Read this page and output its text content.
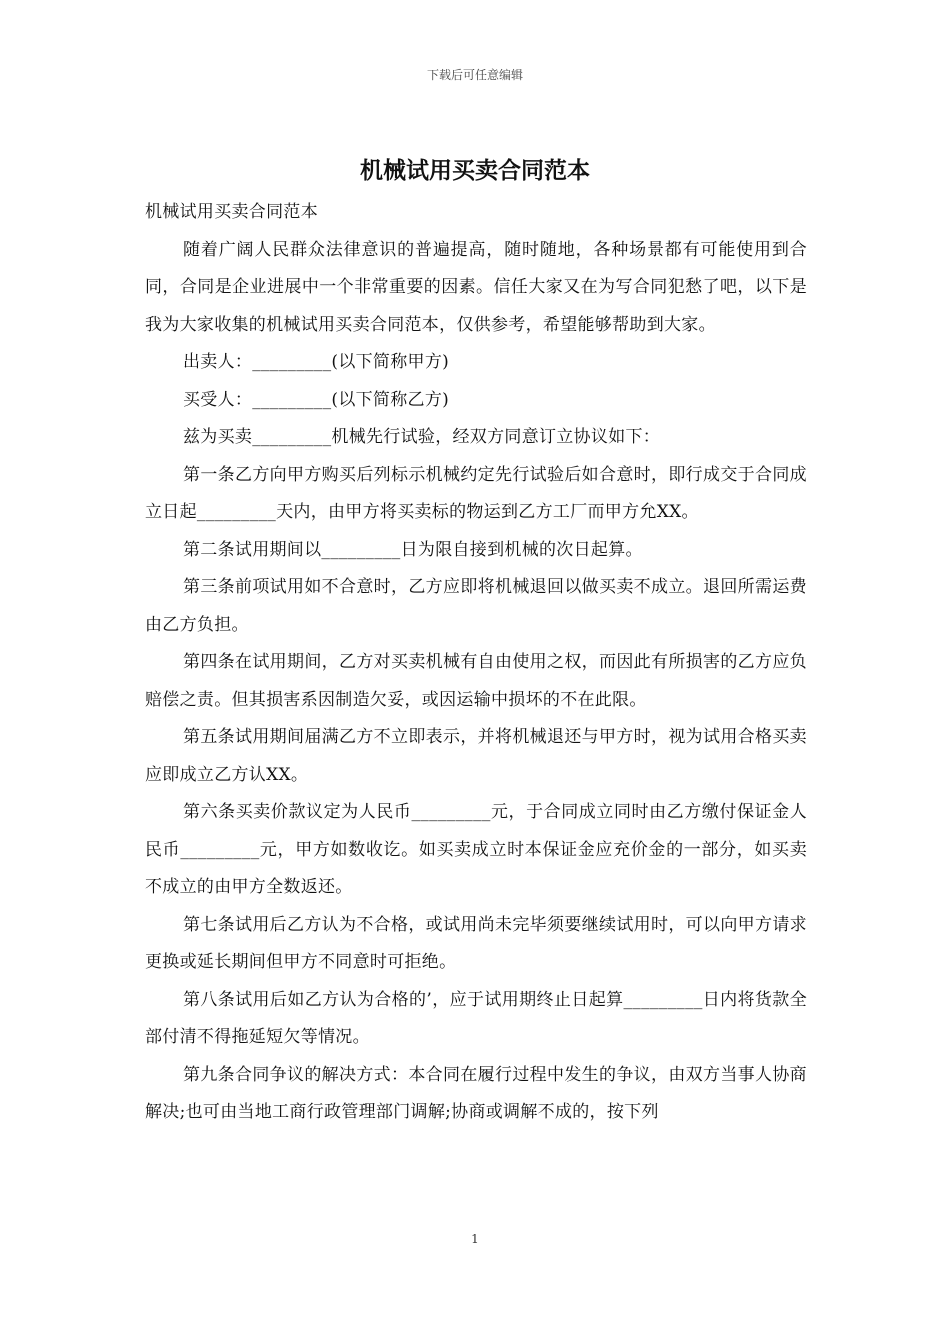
下载后可任意编辑
机械试用买卖合同范本

机械试用买卖合同范本

随着广阔人民群众法律意识的普遍提高，随时随地，各种场景都有可能使用到合同，合同是企业进展中一个非常重要的因素。信任大家又在为写合同犯愁了吧，以下是我为大家收集的机械试用买卖合同范本，仅供参考，希望能够帮助到大家。

出卖人：_________(以下简称甲方)

买受人：_________(以下简称乙方)

兹为买卖_________机械先行试验，经双方同意订立协议如下：

第一条乙方向甲方购买后列标示机械约定先行试验后如合意时，即行成交于合同成立日起_________天内，由甲方将买卖标的物运到乙方工厂而甲方允XX。

第二条试用期间以_________日为限自接到机械的次日起算。

第三条前项试用如不合意时，乙方应即将机械退回以做买卖不成立。退回所需运费由乙方负担。

第四条在试用期间，乙方对买卖机械有自由使用之权，而因此有所损害的乙方应负赔偿之责。但其损害系因制造欠妥，或因运输中损坏的不在此限。

第五条试用期间届满乙方不立即表示，并将机械退还与甲方时，视为试用合格买卖应即成立乙方认XX。

第六条买卖价款议定为人民币_________元，于合同成立同时由乙方缴付保证金人民币_________元，甲方如数收讫。如买卖成立时本保证金应充价金的一部分，如买卖不成立的由甲方全数返还。

第七条试用后乙方认为不合格，或试用尚未完毕须要继续试用时，可以向甲方请求更换或延长期间但甲方不同意时可拒绝。

第八条试用后如乙方认为合格的’，应于试用期终止日起算_________日内将货款全部付清不得拖延短欠等情况。

第九条合同争议的解决方式：本合同在履行过程中发生的争议，由双方当事人协商解决;也可由当地工商行政管理部门调解;协商或调解不成的，按下列

1
